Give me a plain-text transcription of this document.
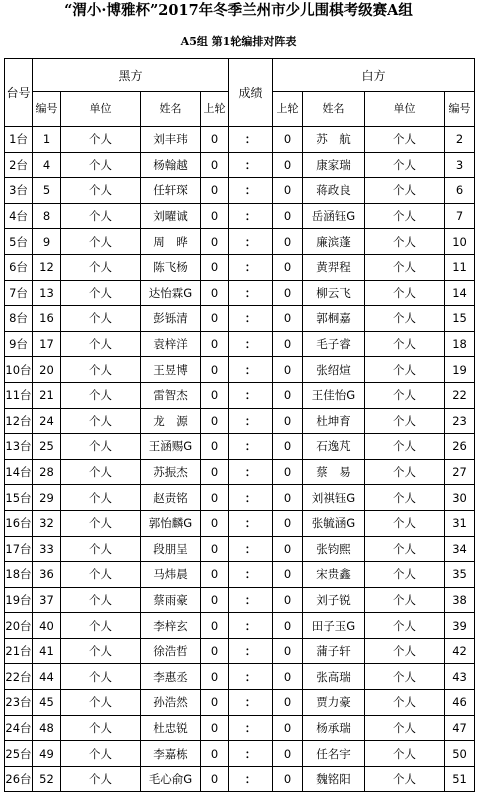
“渭小·博雅杯”2017年冬季兰州市少儿围棋考级赛A组
A5组 第1轮编排对阵表
台号	黑方				成绩	白方			
	编号	单位	姓名	上轮		上轮	姓名	单位	编号
1台	1	个人	刘丰玮	0	：	0	苏　航	个人	2
2台	4	个人	杨翰越	0	：	0	康家瑞	个人	3
3台	5	个人	任轩琛	0	：	0	蒋政良	个人	6
4台	8	个人	刘曜诚	0	：	0	岳涵钰G	个人	7
5台	9	个人	周　晔	0	：	0	廉滨蓬	个人	10
6台	12	个人	陈飞杨	0	：	0	黄羿程	个人	11
7台	13	个人	达怡霖G	0	：	0	柳云飞	个人	14
8台	16	个人	彭铄清	0	：	0	郭桐嘉	个人	15
9台	17	个人	袁梓洋	0	：	0	毛子睿	个人	18
10台	20	个人	王昱博	0	：	0	张绍煊	个人	19
11台	21	个人	雷智杰	0	：	0	王佳怡G	个人	22
12台	24	个人	龙　源	0	：	0	杜坤育	个人	23
13台	25	个人	王涵赐G	0	：	0	石逸芃	个人	26
14台	28	个人	苏振杰	0	：	0	蔡　易	个人	27
15台	29	个人	赵责铭	0	：	0	刘祺钰G	个人	30
16台	32	个人	郭怡麟G	0	：	0	张毓涵G	个人	31
17台	33	个人	段朋呈	0	：	0	张钧熙	个人	34
18台	36	个人	马炜晨	0	：	0	宋贵鑫	个人	35
19台	37	个人	蔡雨豪	0	：	0	刘子锐	个人	38
20台	40	个人	李梓玄	0	：	0	田子玉G	个人	39
21台	41	个人	徐浩哲	0	：	0	蒲子轩	个人	42
22台	44	个人	李惠丞	0	：	0	张高瑞	个人	43
23台	45	个人	孙浩然	0	：	0	贾力豪	个人	46
24台	48	个人	杜忠锐	0	：	0	杨承瑞	个人	47
25台	49	个人	李嘉栋	0	：	0	任名宇	个人	50
26台	52	个人	毛心俞G	0	：	0	魏铭阳	个人	51
